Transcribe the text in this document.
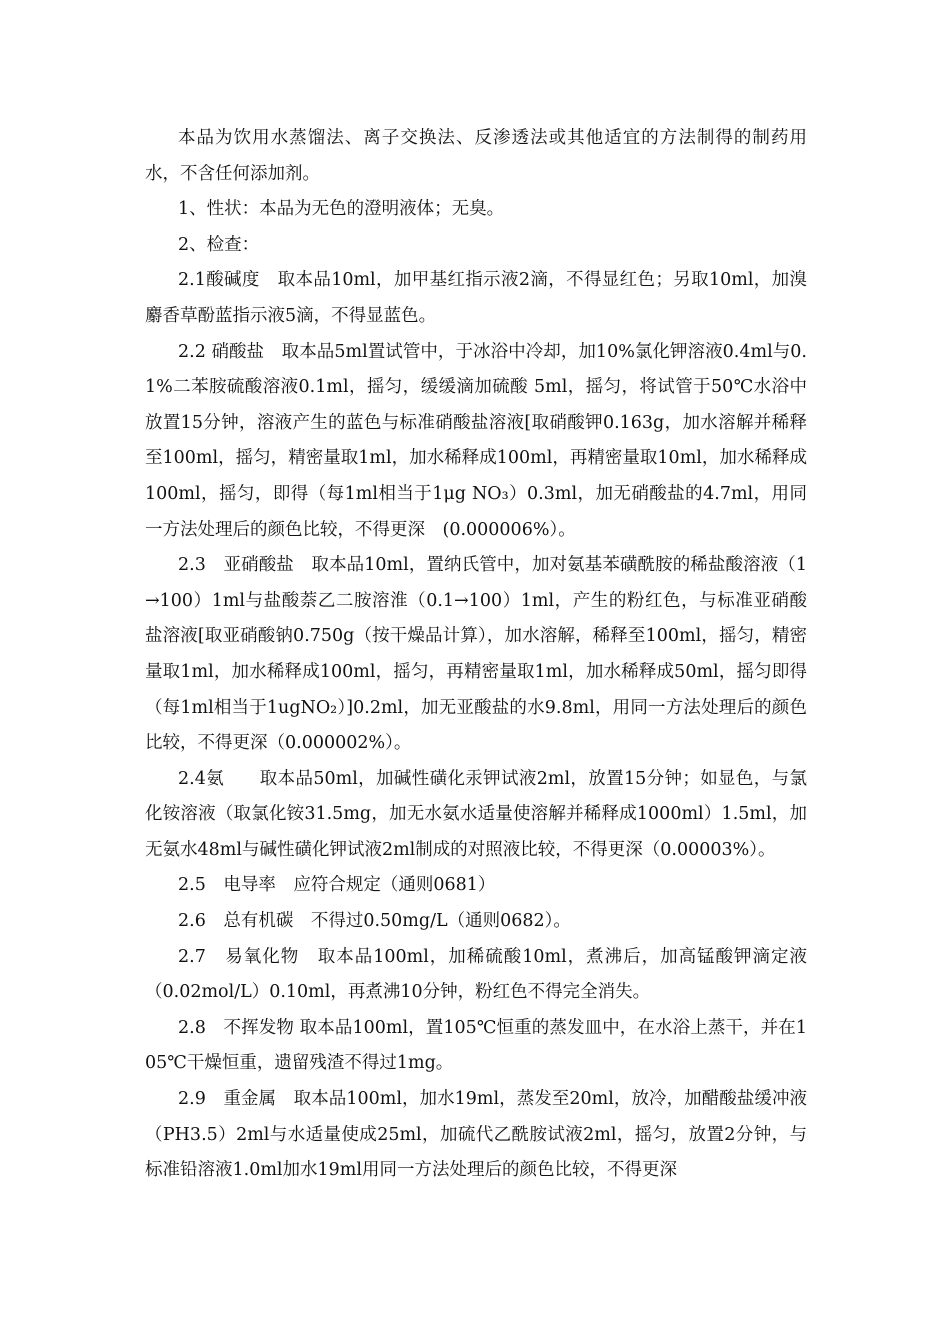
本品为饮用水蒸馏法、离子交换法、反渗透法或其他适宜的方法制得的制药用水，不含任何添加剂。

1、性状：本品为无色的澄明液体；无臭。

2、检查：

2.1酸碱度　取本品10ml，加甲基红指示液2滴，不得显红色；另取10ml，加溴麝香草酚蓝指示液5滴，不得显蓝色。

2.2 硝酸盐　取本品5ml置试管中，于冰浴中冷却，加10%氯化钾溶液0.4ml与0.1%二苯胺硫酸溶液0.1ml，摇匀，缓缓滴加硫酸 5ml，摇匀，将试管于50℃水浴中放置15分钟，溶液产生的蓝色与标准硝酸盐溶液[取硝酸钾0.163g，加水溶解并稀释至100ml，摇匀，精密量取1ml，加水稀释成100ml，再精密量取10ml，加水稀释成100ml，摇匀，即得（每1ml相当于1μg NO₃）0.3ml，加无硝酸盐的4.7ml，用同一方法处理后的颜色比较，不得更深　(0.000006%）。

2.3　亚硝酸盐　取本品10ml，置纳氏管中，加对氨基苯磺酰胺的稀盐酸溶液（1→100）1ml与盐酸萘乙二胺溶淮（0.1→100）1ml，产生的粉红色，与标准亚硝酸盐溶液[取亚硝酸钠0.750g（按干燥品计算），加水溶解，稀释至100ml，摇匀，精密量取1ml，加水稀释成100ml，摇匀，再精密量取1ml，加水稀释成50ml，摇匀即得（每1ml相当于1ugNO₂）]0.2ml，加无亚酸盐的水9.8ml，用同一方法处理后的颜色比较，不得更深（0.000002%）。

2.4氨　　取本品50ml，加碱性磺化汞钾试液2ml，放置15分钟；如显色，与氯化铵溶液（取氯化铵31.5mg，加无水氨水适量使溶解并稀释成1000ml）1.5ml，加无氨水48ml与碱性磺化钾试液2ml制成的对照液比较，不得更深（0.00003%）。

2.5　电导率　应符合规定（通则0681）

2.6　总有机碳　不得过0.50mg/L（通则0682）。

2.7　易氧化物　取本品100ml，加稀硫酸10ml，煮沸后，加高锰酸钾滴定液（0.02mol/L）0.10ml，再煮沸10分钟，粉红色不得完全消失。

2.8　不挥发物 取本品100ml，置105℃恒重的蒸发皿中，在水浴上蒸干，并在105℃干燥恒重，遗留残渣不得过1mg。

2.9　重金属　取本品100ml，加水19ml，蒸发至20ml，放冷，加醋酸盐缓冲液（PH3.5）2ml与水适量使成25ml，加硫代乙酰胺试液2ml，摇匀，放置2分钟，与标准铅溶液1.0ml加水19ml用同一方法处理后的颜色比较，不得更深
